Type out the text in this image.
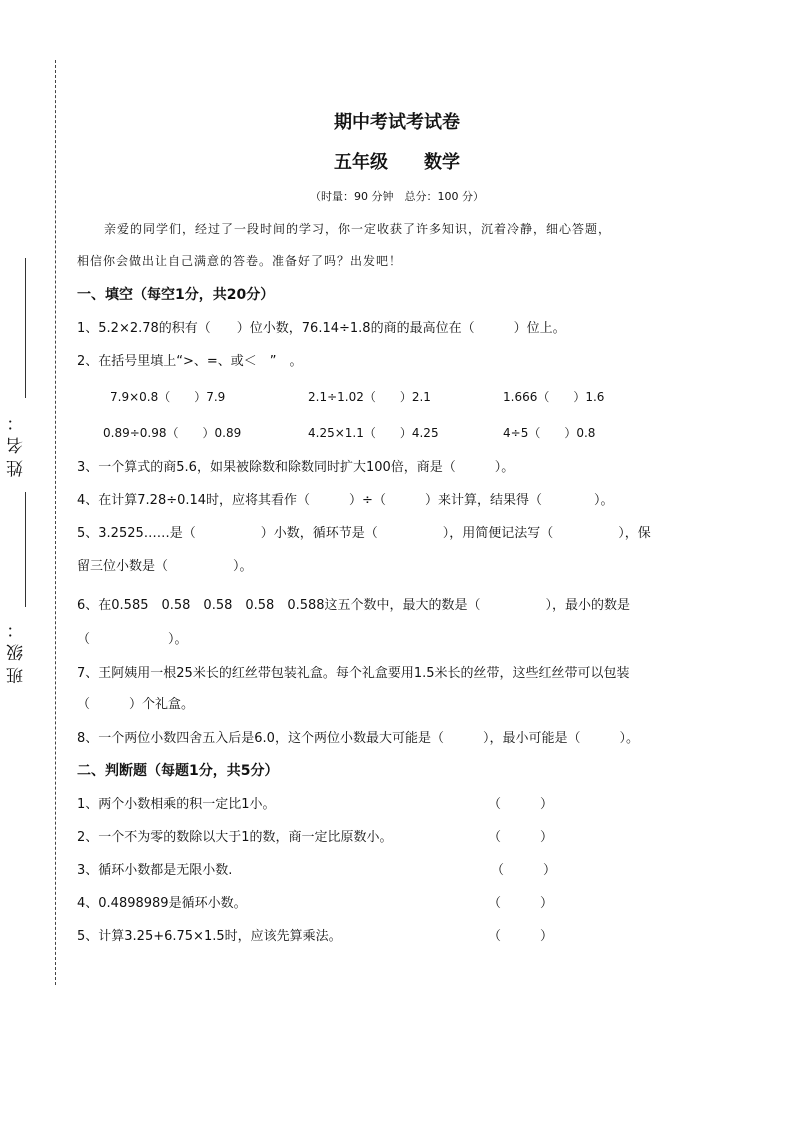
姓名：
班级：
期中考试考试卷
五年级　　数学
（时量：90 分钟　总分：100 分）
亲爱的同学们，经过了一段时间的学习，你一定收获了许多知识，沉着冷静，细心答题，
相信你会做出让自己满意的答卷。准备好了吗？出发吧！
一、填空（每空1分，共20分）
1、5.2×2.78的积有（　　）位小数，76.14÷1.8的商的最高位在（　　　）位上。
2、在括号里填上“>、=、或＜　”　。
7.9×0.8（　　）7.9	2.1÷1.02（　　）2.1	1.666（　　）1.6
0.89÷0.98（　　）0.89	4.25×1.1（　　）4.25	4÷5（　　）0.8
3、一个算式的商5.6，如果被除数和除数同时扩大100倍，商是（　　　）。
4、在计算7.28÷0.14时，应将其看作（　　　）÷（　　　）来计算，结果得（　　　　）。
5、3.2525……是（　　　　　）小数，循环节是（　　　　　），用简便记法写（　　　　　），保
留三位小数是（　　　　　）。
6、在0.585　0.58　0.58　0.58　0.588这五个数中，最大的数是（　　　　　），最小的数是
（　　　　　　）。
7、王阿姨用一根25米长的红丝带包装礼盒。每个礼盒要用1.5米长的丝带，这些红丝带可以包装
（　　　）个礼盒。
8、一个两位小数四舍五入后是6.0，这个两位小数最大可能是（　　　），最小可能是（　　　）。
二、判断题（每题1分，共5分）
1、两个小数相乘的积一定比1小。	（　　　）
2、一个不为零的数除以大于1的数，商一定比原数小。	（　　　）
3、循环小数都是无限小数.	（　　　）
4、0.4898989是循环小数。	（　　　）
5、计算3.25+6.75×1.5时，应该先算乘法。	（　　　）
